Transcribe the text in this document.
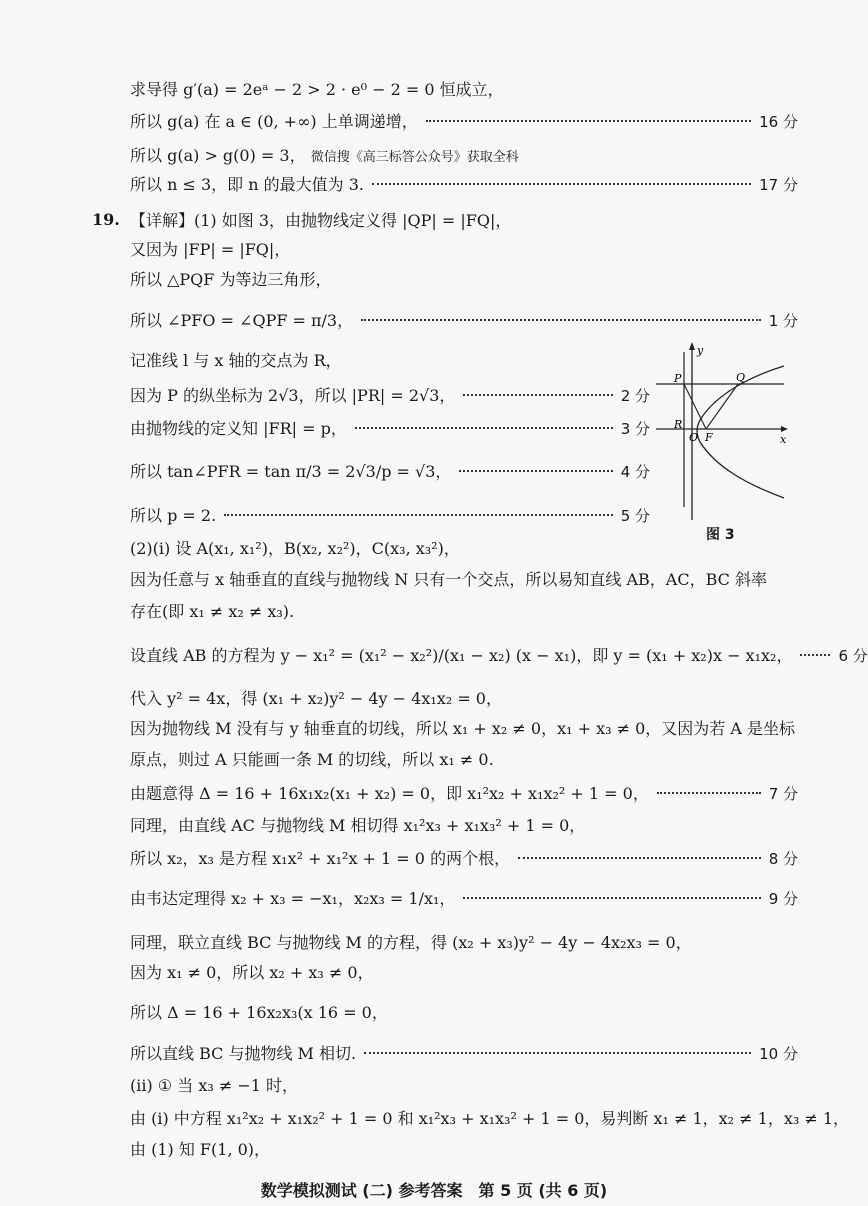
求导得 g′(a) = 2eᵃ − 2 > 2 · e⁰ − 2 = 0 恒成立，
所以 g(a) 在 a ∈ (0, +∞) 上单调递增，	16 分
所以 g(a) > g(0) = 3， 微信搜《高三标答公众号》获取全科
所以 n ≤ 3，即 n 的最大值为 3.	17 分
19. 【详解】(1) 如图 3，由抛物线定义得 |QP| = |FQ|，
又因为 |FP| = |FQ|，
所以 △PQF 为等边三角形，
所以 ∠PFO = ∠QPF = π/3，	1 分
记准线 l 与 x 轴的交点为 R，
因为 P 的纵坐标为 2√3，所以 |PR| = 2√3，	2 分
由抛物线的定义知 |FR| = p，	3 分
所以 tan∠PFR = tan π/3 = 2√3/p = √3，	4 分
所以 p = 2.	5 分
y
x
P	Q
R
O F
图 3
(2)(i) 设 A(x₁, x₁²)，B(x₂, x₂²)，C(x₃, x₃²)，
因为任意与 x 轴垂直的直线与抛物线 N 只有一个交点，所以易知直线 AB，AC，BC 斜率
存在(即 x₁ ≠ x₂ ≠ x₃).
设直线 AB 的方程为 y − x₁² = (x₁² − x₂²)/(x₁ − x₂) (x − x₁)，即 y = (x₁ + x₂)x − x₁x₂，	6 分
代入 y² = 4x，得 (x₁ + x₂)y² − 4y − 4x₁x₂ = 0，
因为抛物线 M 没有与 y 轴垂直的切线，所以 x₁ + x₂ ≠ 0，x₁ + x₃ ≠ 0，又因为若 A 是坐标
原点，则过 A 只能画一条 M 的切线，所以 x₁ ≠ 0.
由题意得 Δ = 16 + 16x₁x₂(x₁ + x₂) = 0，即 x₁²x₂ + x₁x₂² + 1 = 0，	7 分
同理，由直线 AC 与抛物线 M 相切得 x₁²x₃ + x₁x₃² + 1 = 0，
所以 x₂，x₃ 是方程 x₁x² + x₁²x + 1 = 0 的两个根，	8 分
由韦达定理得 x₂ + x₃ = −x₁，x₂x₃ = 1/x₁，	9 分
同理，联立直线 BC 与抛物线 M 的方程，得 (x₂ + x₃)y² − 4y − 4x₂x₃ = 0，
因为 x₁ ≠ 0，所以 x₂ + x₃ ≠ 0，
所以 Δ = 16 + 16x₂x₃(x 16 = 0，
所以直线 BC 与抛物线 M 相切.	10 分
(ii) ① 当 x₃ ≠ −1 时，
由 (i) 中方程 x₁²x₂ + x₁x₂² + 1 = 0 和 x₁²x₃ + x₁x₃² + 1 = 0，易判断 x₁ ≠ 1，x₂ ≠ 1，x₃ ≠ 1，
由 (1) 知 F(1, 0)，
数学模拟测试 (二) 参考答案　第 5 页 (共 6 页)
